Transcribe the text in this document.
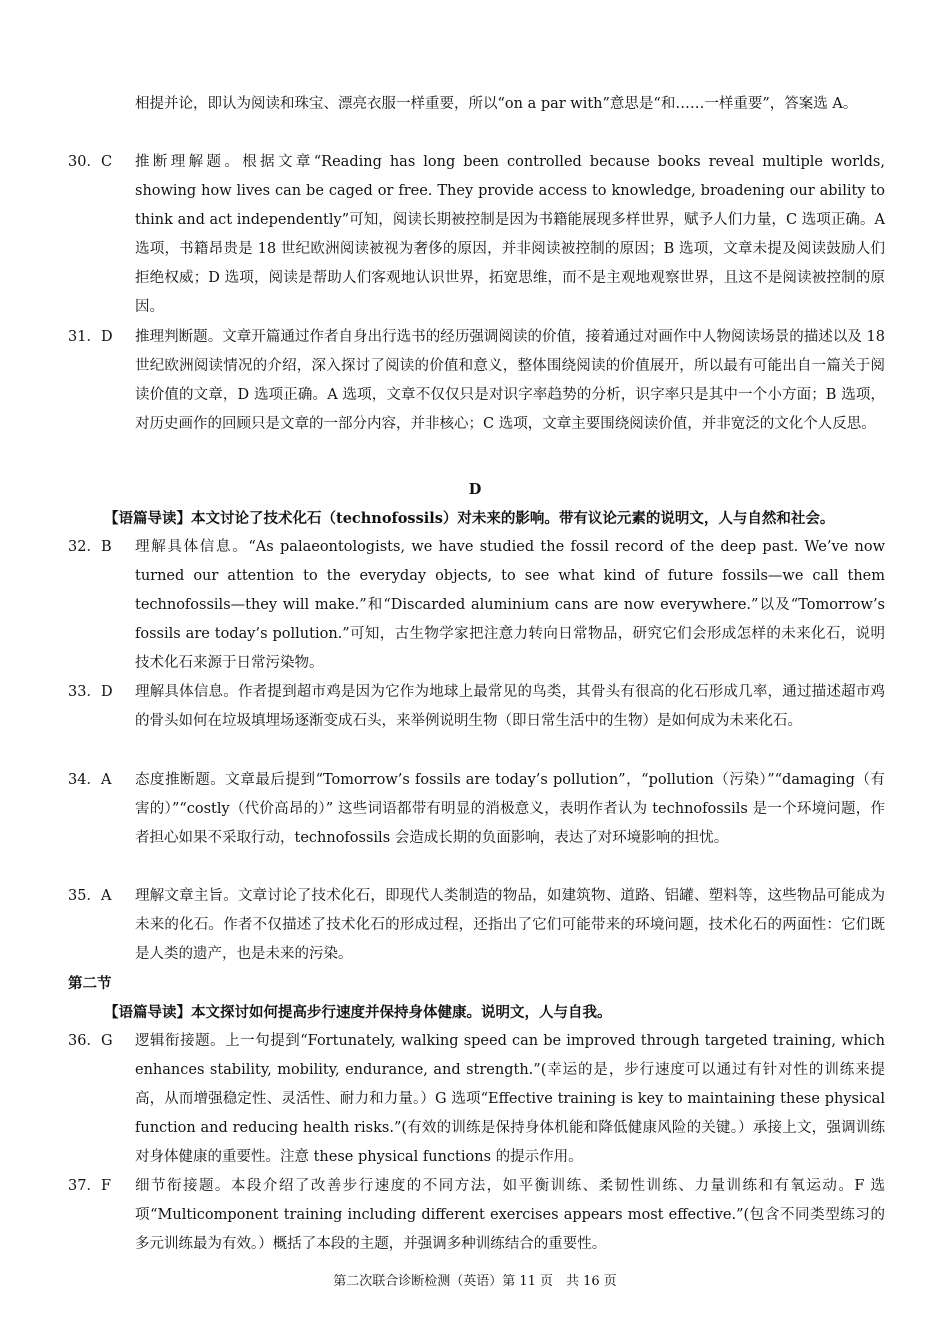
相提并论，即认为阅读和珠宝、漂亮衣服一样重要，所以“on a par with”意思是“和……一样重要”，答案选 A。
30．C	推断理解题。根据文章“Reading has long been controlled because books reveal multiple worlds, showing how lives can be caged or free. They provide access to knowledge, broadening our ability to think and act independently”可知，阅读长期被控制是因为书籍能展现多样世界，赋予人们力量，C 选项正确。A 选项，书籍昂贵是 18 世纪欧洲阅读被视为奢侈的原因，并非阅读被控制的原因；B 选项，文章未提及阅读鼓励人们拒绝权威；D 选项，阅读是帮助人们客观地认识世界，拓宽思维，而不是主观地观察世界，且这不是阅读被控制的原因。
31．D	推理判断题。文章开篇通过作者自身出行选书的经历强调阅读的价值，接着通过对画作中人物阅读场景的描述以及 18 世纪欧洲阅读情况的介绍，深入探讨了阅读的价值和意义，整体围绕阅读的价值展开，所以最有可能出自一篇关于阅读价值的文章，D 选项正确。A 选项，文章不仅仅只是对识字率趋势的分析，识字率只是其中一个小方面；B 选项，对历史画作的回顾只是文章的一部分内容，并非核心；C 选项，文章主要围绕阅读价值，并非宽泛的文化个人反思。
D
【语篇导读】本文讨论了技术化石（technofossils）对未来的影响。带有议论元素的说明文，人与自然和社会。
32．B	理解具体信息。“As palaeontologists, we have studied the fossil record of the deep past. We’ve now turned our attention to the everyday objects, to see what kind of future fossils—we call them technofossils—they will make.”和“Discarded aluminium cans are now everywhere.”以及“Tomorrow’s fossils are today’s pollution.”可知，古生物学家把注意力转向日常物品，研究它们会形成怎样的未来化石，说明技术化石来源于日常污染物。
33．D	理解具体信息。作者提到超市鸡是因为它作为地球上最常见的鸟类，其骨头有很高的化石形成几率，通过描述超市鸡的骨头如何在垃圾填埋场逐渐变成石头，来举例说明生物（即日常生活中的生物）是如何成为未来化石。
34．A	态度推断题。文章最后提到“Tomorrow’s fossils are today’s pollution”，“pollution（污染）”“damaging（有害的）”“costly（代价高昂的）” 这些词语都带有明显的消极意义，表明作者认为 technofossils 是一个环境问题，作者担心如果不采取行动，technofossils 会造成长期的负面影响，表达了对环境影响的担忧。
35．A	理解文章主旨。文章讨论了技术化石，即现代人类制造的物品，如建筑物、道路、铝罐、塑料等，这些物品可能成为未来的化石。作者不仅描述了技术化石的形成过程，还指出了它们可能带来的环境问题，技术化石的两面性：它们既是人类的遗产，也是未来的污染。
第二节
【语篇导读】本文探讨如何提高步行速度并保持身体健康。说明文，人与自我。
36．G	逻辑衔接题。上一句提到“Fortunately, walking speed can be improved through targeted training, which enhances stability, mobility, endurance, and strength.”(幸运的是，步行速度可以通过有针对性的训练来提高，从而增强稳定性、灵活性、耐力和力量。）G 选项“Effective training is key to maintaining these physical function and reducing health risks.”(有效的训练是保持身体机能和降低健康风险的关键。）承接上文，强调训练对身体健康的重要性。注意 these physical functions 的提示作用。
37．F	细节衔接题。本段介绍了改善步行速度的不同方法，如平衡训练、柔韧性训练、力量训练和有氧运动。F 选项“Multicomponent training including different exercises appears most effective.”(包含不同类型练习的多元训练最为有效。）概括了本段的主题，并强调多种训练结合的重要性。
第二次联合诊断检测（英语）第 11 页　共 16 页
